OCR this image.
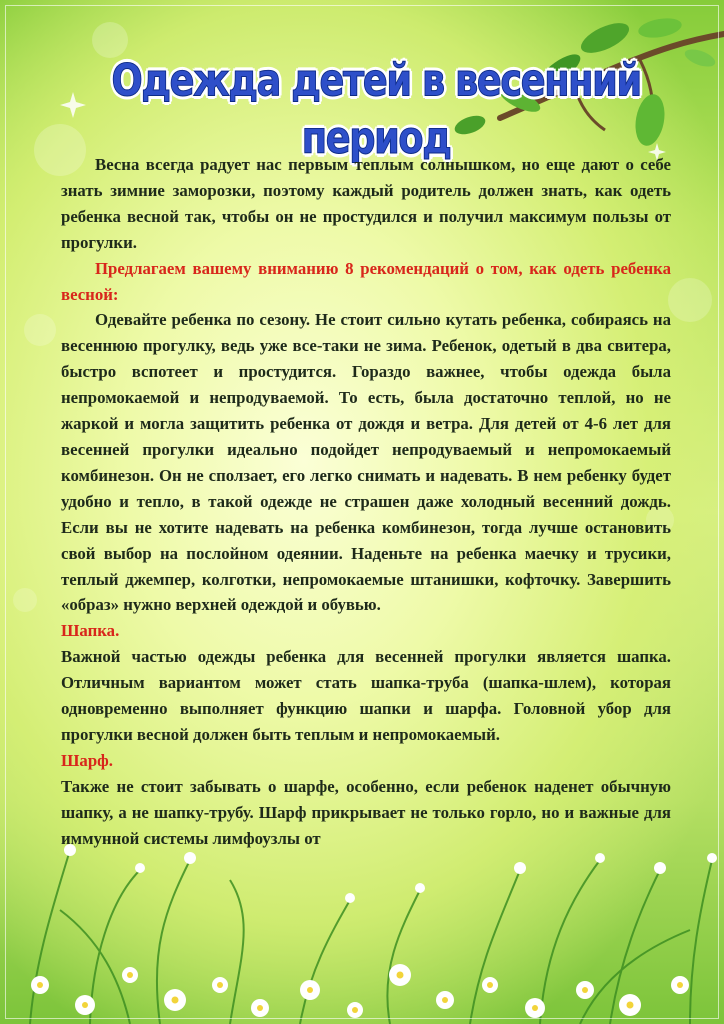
Одежда детей в весенний период

Весна всегда радует нас первым теплым солнышком, но еще дают о себе знать зимние заморозки, поэтому каждый родитель должен знать, как одеть ребенка весной так, чтобы он не простудился и получил максимум пользы от прогулки.

Предлагаем вашему вниманию 8 рекомендаций о том, как одеть ребенка весной:

Одевайте ребенка по сезону. Не стоит сильно кутать ребенка, собираясь на весеннюю прогулку, ведь уже все-таки не зима. Ребенок, одетый в два свитера, быстро вспотеет и простудится. Гораздо важнее, чтобы одежда была непромокаемой и непродуваемой. То есть, была достаточно теплой, но не жаркой и могла защитить ребенка от дождя и ветра. Для детей от 4-6 лет для весенней прогулки идеально подойдет непродуваемый и непромокаемый комбинезон. Он не сползает, его легко снимать и надевать. В нем ребенку будет удобно и тепло, в такой одежде не страшен даже холодный весенний дождь. Если вы не хотите надевать на ребенка комбинезон, тогда лучше остановить свой выбор на послойном одеянии. Наденьте на ребенка маечку и трусики, теплый джемпер, колготки, непромокаемые штанишки, кофточку. Завершить «образ» нужно верхней одеждой и обувью.

Шапка.

Важной частью одежды ребенка для весенней прогулки является шапка. Отличным вариантом может стать шапка-труба (шапка-шлем), которая одновременно выполняет функцию шапки и шарфа. Головной убор для прогулки весной должен быть теплым и непромокаемый.

Шарф.

Также не стоит забывать о шарфе, особенно, если ребенок наденет обычную шапку, а не шапку-трубу. Шарф прикрывает не только горло, но и важные для иммунной системы лимфоузлы от
